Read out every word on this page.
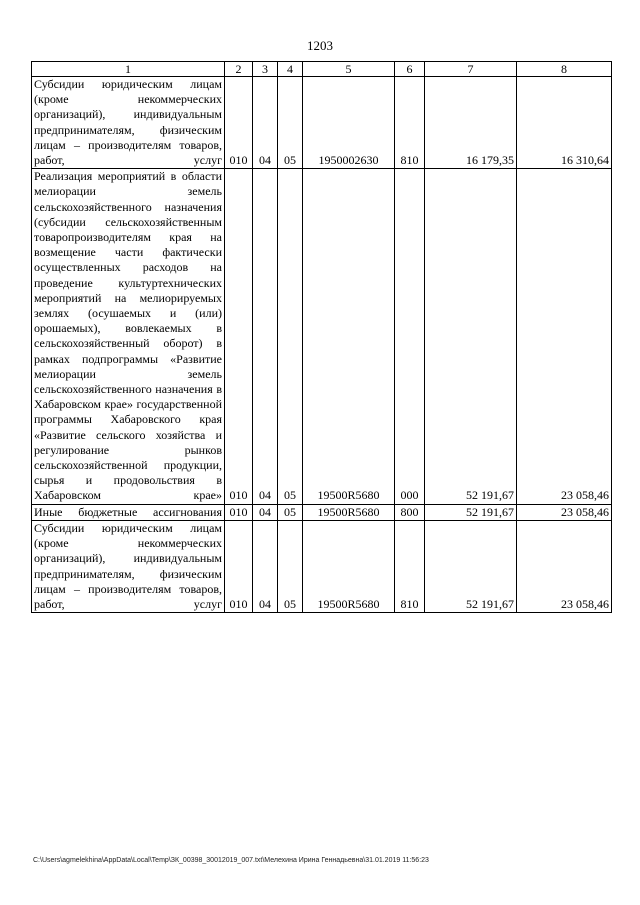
1203
1	2	3	4	5	6	7	8
Субсидии юридическим лицам (кроме некоммерческих организаций), индивидуальным предпринимателям, физическим лицам – производителям товаров, работ, услуг	010	04	05	1950002630	810	16 179,35	16 310,64
Реализация мероприятий в области мелиорации земель сельскохозяйственного назначения (субсидии сельскохозяйственным товаропроизводителям края на возмещение части фактически осуществленных расходов на проведение культуртехнических мероприятий на мелиорируемых землях (осушаемых и (или) орошаемых), вовлекаемых в сельскохозяйственный оборот) в рамках подпрограммы «Развитие мелиорации земель сельскохозяйственного назначения в Хабаровском крае» государственной программы Хабаровского края «Развитие сельского хозяйства и регулирование рынков сельскохозяйственной продукции, сырья и продовольствия в Хабаровском крае»	010	04	05	19500R5680	000	52 191,67	23 058,46
Иные бюджетные ассигнования	010	04	05	19500R5680	800	52 191,67	23 058,46
Субсидии юридическим лицам (кроме некоммерческих организаций), индивидуальным предпринимателям, физическим лицам – производителям товаров, работ, услуг	010	04	05	19500R5680	810	52 191,67	23 058,46
C:\Users\agmelekhina\AppData\Local\Temp\ЗК_00398_30012019_007.txt\Мелехина Ирина Геннадьевна\31.01.2019 11:56:23
